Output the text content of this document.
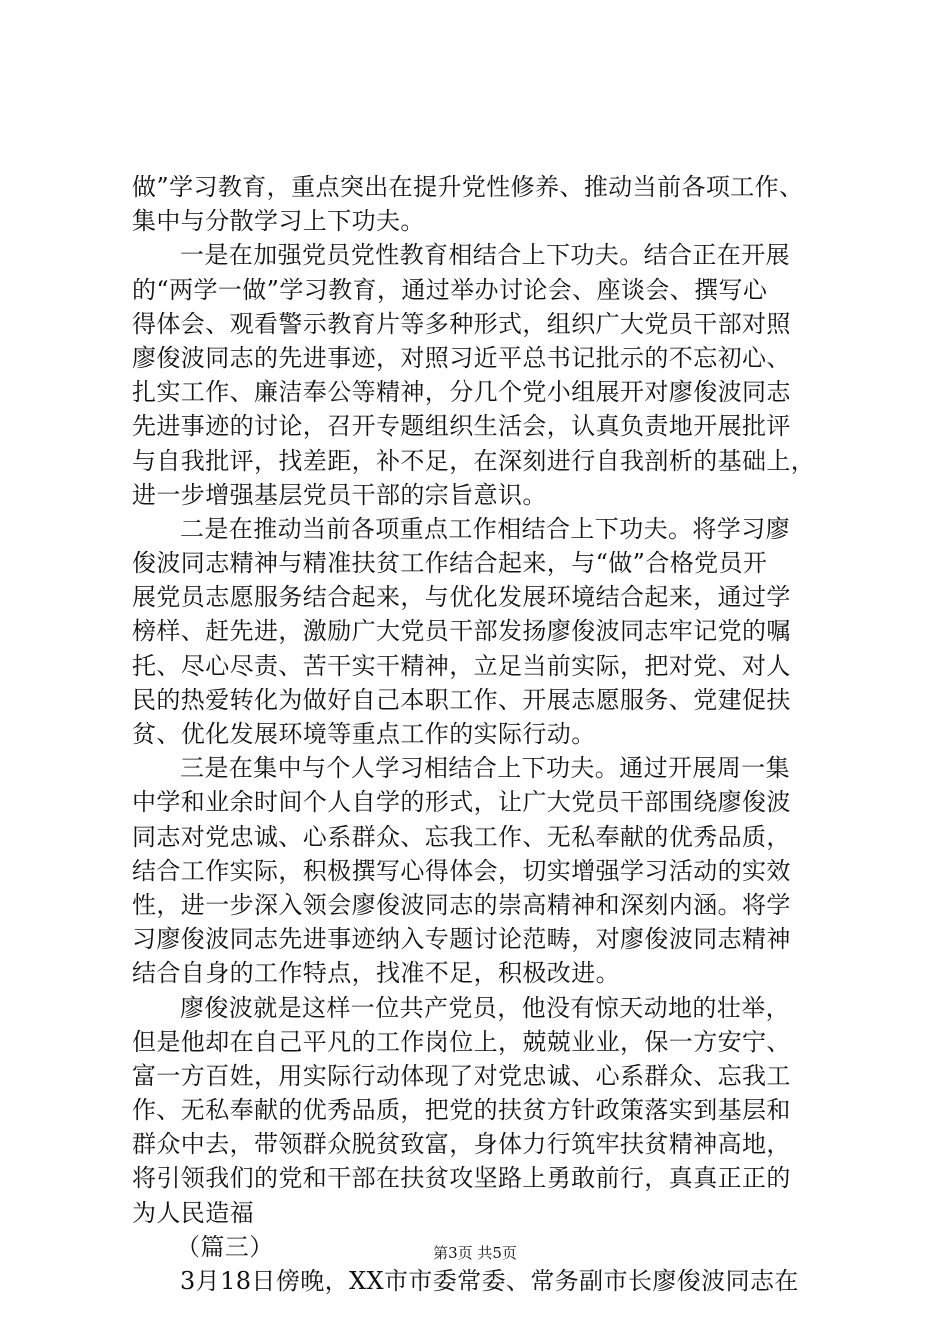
做”学习教育，重点突出在提升党性修养、推动当前各项工作、
集中与分散学习上下功夫。
一是在加强党员党性教育相结合上下功夫。结合正在开展
的“两学一做”学习教育，通过举办讨论会、座谈会、撰写心
得体会、观看警示教育片等多种形式，组织广大党员干部对照
廖俊波同志的先进事迹，对照习近平总书记批示的不忘初心、
扎实工作、廉洁奉公等精神，分几个党小组展开对廖俊波同志
先进事迹的讨论，召开专题组织生活会，认真负责地开展批评
与自我批评，找差距，补不足，在深刻进行自我剖析的基础上，
进一步增强基层党员干部的宗旨意识。
二是在推动当前各项重点工作相结合上下功夫。将学习廖
俊波同志精神与精准扶贫工作结合起来，与“做”合格党员开
展党员志愿服务结合起来，与优化发展环境结合起来，通过学
榜样、赶先进，激励广大党员干部发扬廖俊波同志牢记党的嘱
托、尽心尽责、苦干实干精神，立足当前实际，把对党、对人
民的热爱转化为做好自己本职工作、开展志愿服务、党建促扶
贫、优化发展环境等重点工作的实际行动。
三是在集中与个人学习相结合上下功夫。通过开展周一集
中学和业余时间个人自学的形式，让广大党员干部围绕廖俊波
同志对党忠诚、心系群众、忘我工作、无私奉献的优秀品质，
结合工作实际，积极撰写心得体会，切实增强学习活动的实效
性，进一步深入领会廖俊波同志的崇高精神和深刻内涵。将学
习廖俊波同志先进事迹纳入专题讨论范畴，对廖俊波同志精神
结合自身的工作特点，找准不足，积极改进。
廖俊波就是这样一位共产党员，他没有惊天动地的壮举，
但是他却在自己平凡的工作岗位上，兢兢业业，保一方安宁、
富一方百姓，用实际行动体现了对党忠诚、心系群众、忘我工
作、无私奉献的优秀品质，把党的扶贫方针政策落实到基层和
群众中去，带领群众脱贫致富，身体力行筑牢扶贫精神高地，
将引领我们的党和干部在扶贫攻坚路上勇敢前行，真真正正的
为人民造福
（篇三）
3月18日傍晚，XX市市委常委、常务副市长廖俊波同志在
第3页 共5页
